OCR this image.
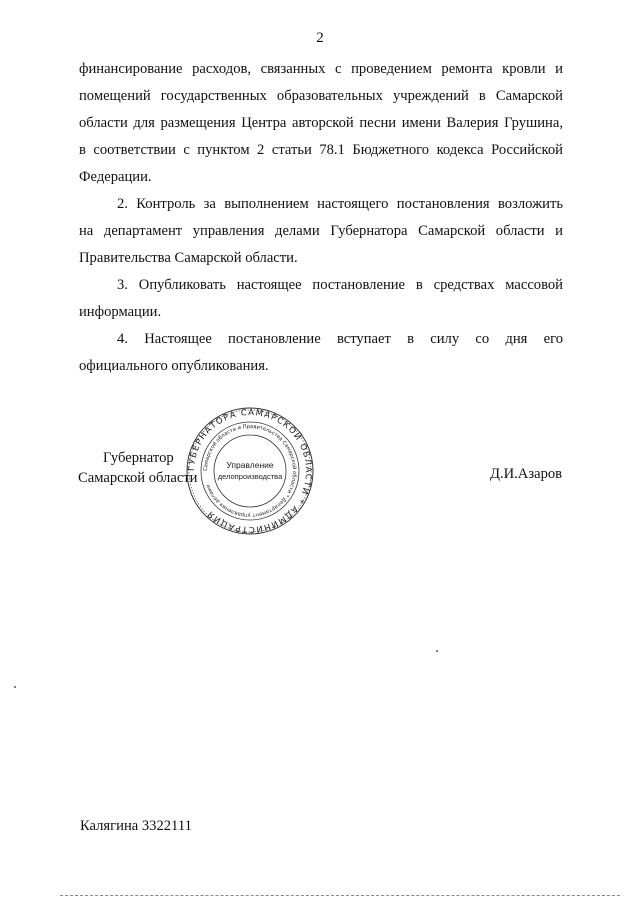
2

финансирование расходов, связанных с проведением ремонта кровли и
помещений государственных образовательных учреждений в Самарской
области для размещения Центра авторской песни имени Валерия Грушина,
в соответствии с пунктом 2 статьи 78.1 Бюджетного кодекса Российской
Федерации.

2. Контроль за выполнением настоящего постановления возложить
на департамент управления делами Губернатора Самарской области и
Правительства Самарской области.

3. Опубликовать настоящее постановление в средствах массовой
информации.

4. Настоящее постановление вступает в силу со дня его
официального опубликования.

Губернатор
Самарской области
ГУБЕРНАТОРА САМАРСКОЙ ОБЛАСТИ * АДМИНИСТРАЦИЯ
Самарской области и Правительства Самарской области * Департамент управления делами
Управление
делопроизводства	Д.И.Азаров
Калягина 3322111
